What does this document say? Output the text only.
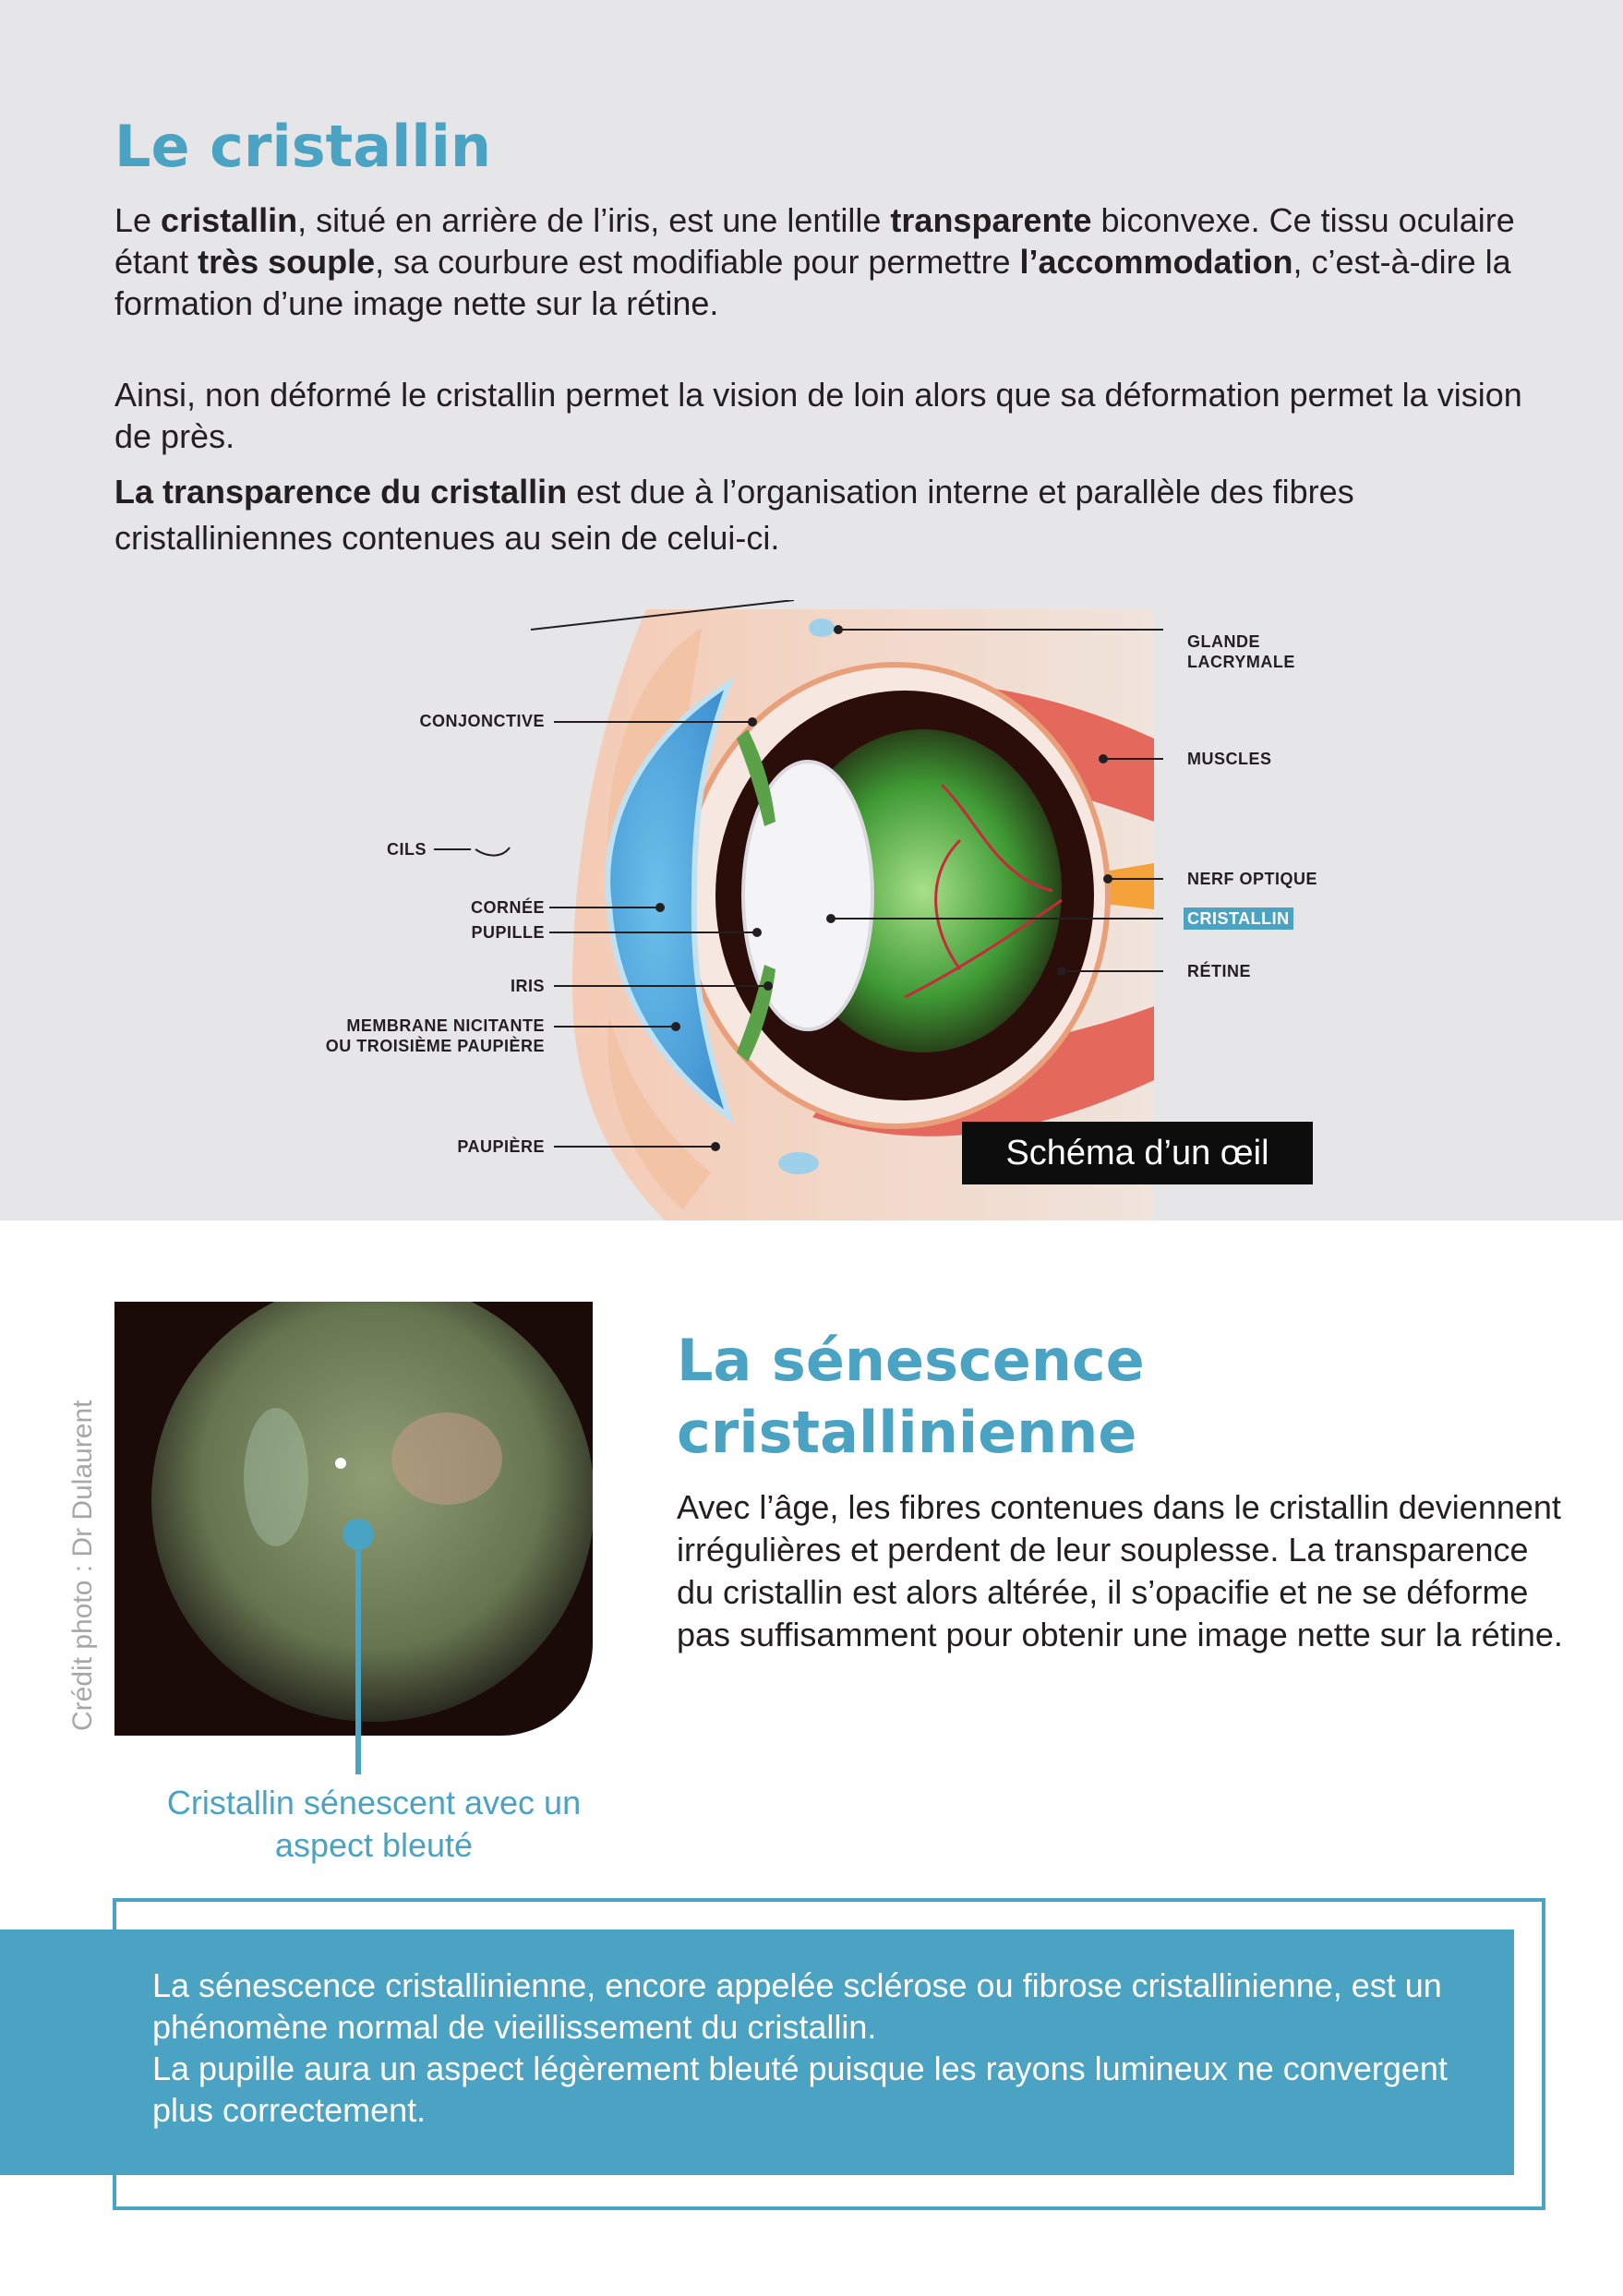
Le cristallin

Le cristallin, situé en arrière de l’iris, est une lentille transparente biconvexe. Ce tissu oculaire étant très souple, sa courbure est modifiable pour permettre l’accommodation, c’est-à-dire la formation d’une image nette sur la rétine.

Ainsi, non déformé le cristallin permet la vision de loin alors que sa déformation permet la vision de près.

La transparence du cristallin est due à l’organisation interne et parallèle des fibres cristalliniennes contenues au sein de celui-ci.

CONJONCTIVE
CILS
CORNÉE
PUPILLE
IRIS
MEMBRANE NICITANTE
OU TROISIÈME PAUPIÈRE
PAUPIÈRE
GLANDE
LACRYMALE
MUSCLES
NERF OPTIQUE
CRISTALLIN
RÉTINE
Schéma d’un œil
Crédit photo : Dr Dulaurent
Cristallin sénescent avec un aspect bleuté
La sénescence cristallinienne

Avec l’âge, les fibres contenues dans le cristallin deviennent irrégulières et perdent de leur souplesse. La transparence du cristallin est alors altérée, il s’opacifie et ne se déforme pas suffisamment pour obtenir une image nette sur la rétine.

La sénescence cristallinienne, encore appelée sclérose ou fibrose cristallinienne, est un phénomène normal de vieillissement du cristallin.
La pupille aura un aspect légèrement bleuté puisque les rayons lumineux ne convergent plus correctement.
